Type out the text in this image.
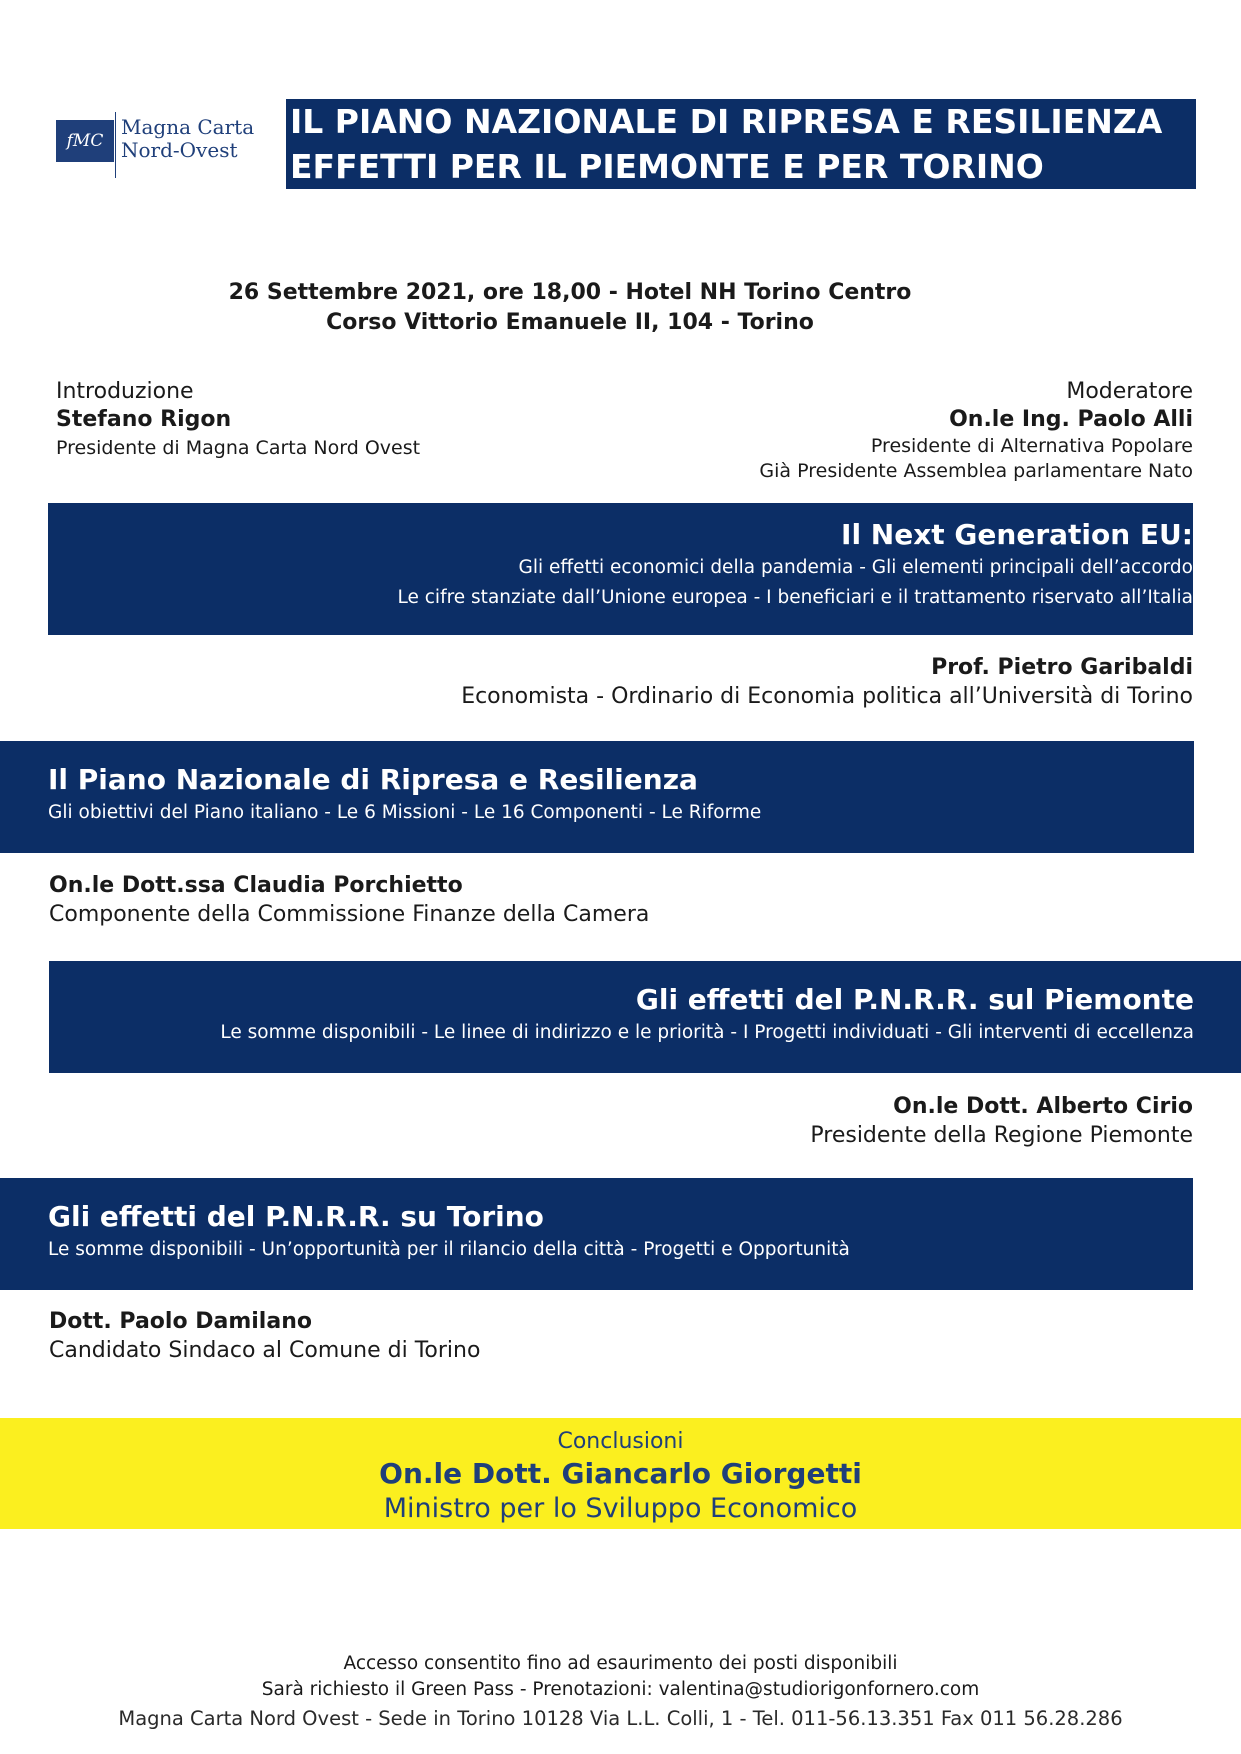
fMC
Magna Carta
Nord-Ovest
IL PIANO NAZIONALE DI RIPRESA E RESILIENZA
EFFETTI PER IL PIEMONTE E PER TORINO
26 Settembre 2021, ore 18,00 - Hotel NH Torino Centro
Corso Vittorio Emanuele II, 104 - Torino
Introduzione
Stefano Rigon
Presidente di Magna Carta Nord Ovest
Moderatore
On.le Ing. Paolo Alli
Presidente di Alternativa Popolare
Già Presidente Assemblea parlamentare Nato
Il Next Generation EU:
Gli effetti economici della pandemia - Gli elementi principali dell’accordo
Le cifre stanziate dall’Unione europea - I beneficiari e il trattamento riservato all’Italia
Prof. Pietro Garibaldi
Economista - Ordinario di Economia politica all’Università di Torino
Il Piano Nazionale di Ripresa e Resilienza
Gli obiettivi del Piano italiano - Le 6 Missioni - Le 16 Componenti - Le Riforme
On.le Dott.ssa Claudia Porchietto
Componente della Commissione Finanze della Camera
Gli effetti del P.N.R.R. sul Piemonte
Le somme disponibili - Le linee di indirizzo e le priorità - I Progetti individuati - Gli interventi di eccellenza
On.le Dott. Alberto Cirio
Presidente della Regione Piemonte
Gli effetti del P.N.R.R. su Torino
Le somme disponibili - Un’opportunità per il rilancio della città - Progetti e Opportunità
Dott. Paolo Damilano
Candidato Sindaco al Comune di Torino
Conclusioni
On.le Dott. Giancarlo Giorgetti
Ministro per lo Sviluppo Economico
Accesso consentito fino ad esaurimento dei posti disponibili
Sarà richiesto il Green Pass - Prenotazioni: valentina@studiorigonfornero.com
Magna Carta Nord Ovest - Sede in Torino 10128 Via L.L. Colli, 1 - Tel. 011-56.13.351 Fax 011 56.28.286
